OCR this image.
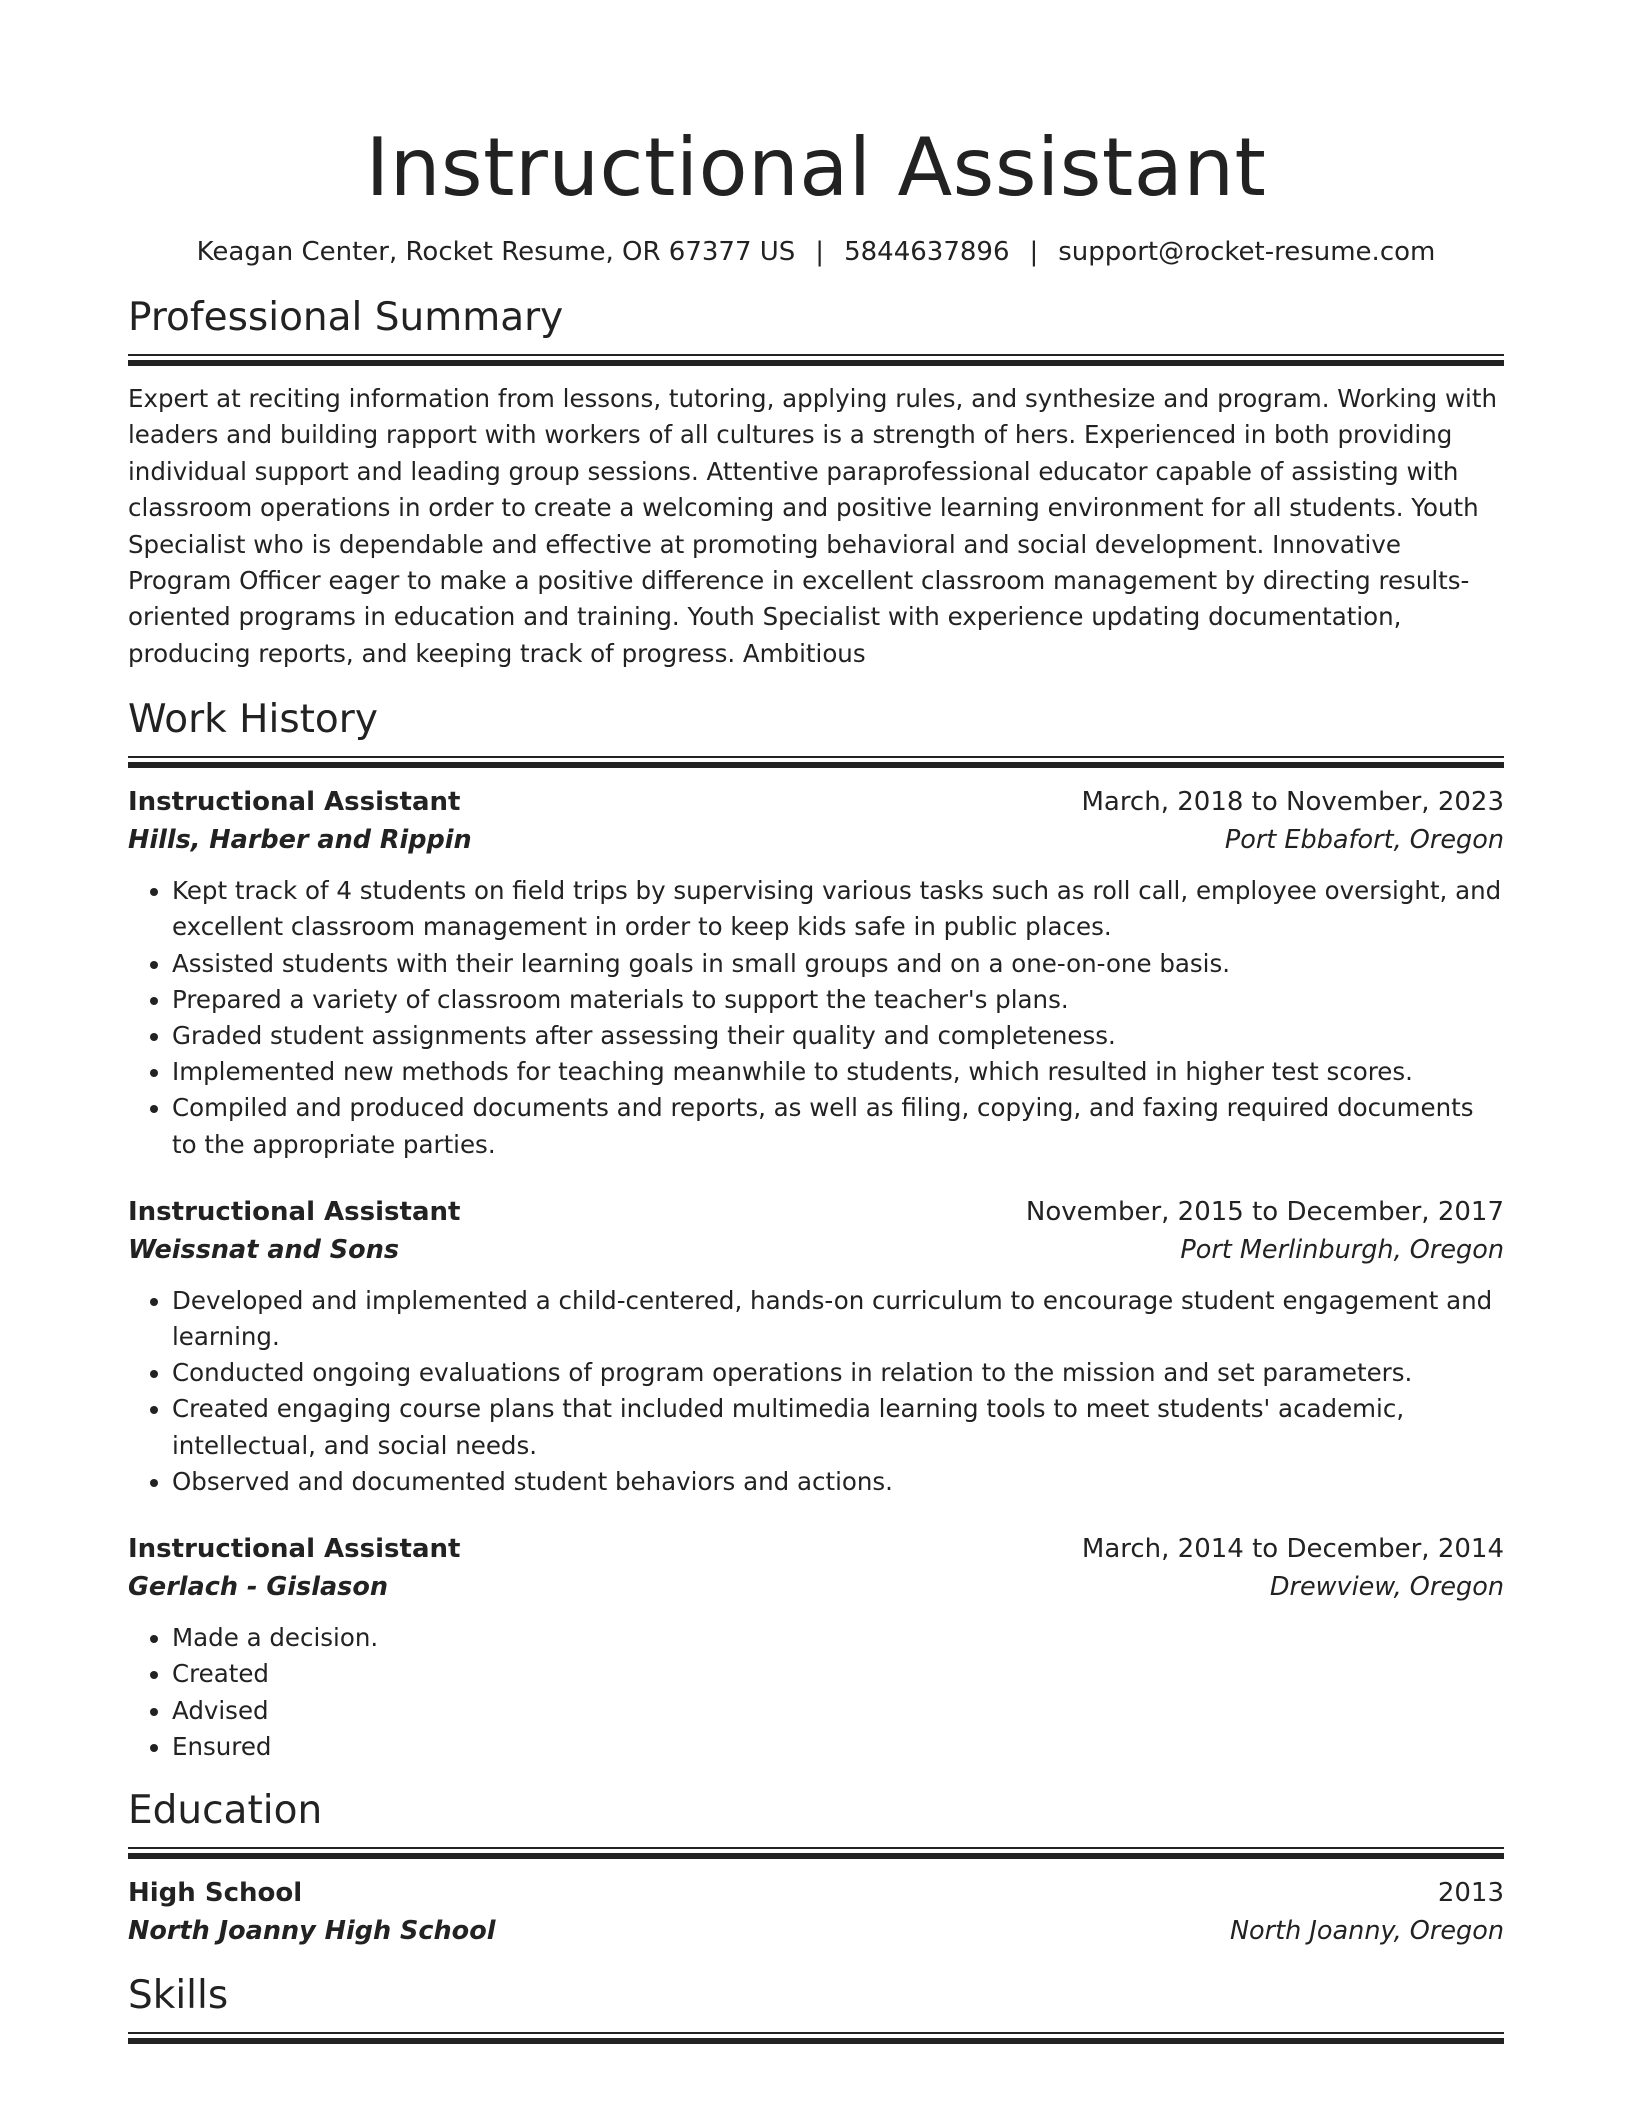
Instructional Assistant
Keagan Center, Rocket Resume, OR 67377 US | 5844637896 | support@rocket-resume.com
Professional Summary
Expert at reciting information from lessons, tutoring, applying rules, and synthesize and program. Working with leaders and building rapport with workers of all cultures is a strength of hers. Experienced in both providing individual support and leading group sessions. Attentive paraprofessional educator capable of assisting with classroom operations in order to create a welcoming and positive learning environment for all students. Youth Specialist who is dependable and effective at promoting behavioral and social development. Innovative Program Officer eager to make a positive difference in excellent classroom management by directing results-oriented programs in education and training. Youth Specialist with experience updating documentation, producing reports, and keeping track of progress. Ambitious
Work History
Instructional Assistant	March, 2018 to November, 2023
Hills, Harber and Rippin	Port Ebbafort, Oregon
• Kept track of 4 students on field trips by supervising various tasks such as roll call, employee oversight, and excellent classroom management in order to keep kids safe in public places.
• Assisted students with their learning goals in small groups and on a one-on-one basis.
• Prepared a variety of classroom materials to support the teacher's plans.
• Graded student assignments after assessing their quality and completeness.
• Implemented new methods for teaching meanwhile to students, which resulted in higher test scores.
• Compiled and produced documents and reports, as well as filing, copying, and faxing required documents to the appropriate parties.
Instructional Assistant	November, 2015 to December, 2017
Weissnat and Sons	Port Merlinburgh, Oregon
• Developed and implemented a child-centered, hands-on curriculum to encourage student engagement and learning.
• Conducted ongoing evaluations of program operations in relation to the mission and set parameters.
• Created engaging course plans that included multimedia learning tools to meet students' academic, intellectual, and social needs.
• Observed and documented student behaviors and actions.
Instructional Assistant	March, 2014 to December, 2014
Gerlach - Gislason	Drewview, Oregon
• Made a decision.
• Created
• Advised
• Ensured
Education
High School	2013
North Joanny High School	North Joanny, Oregon
Skills
